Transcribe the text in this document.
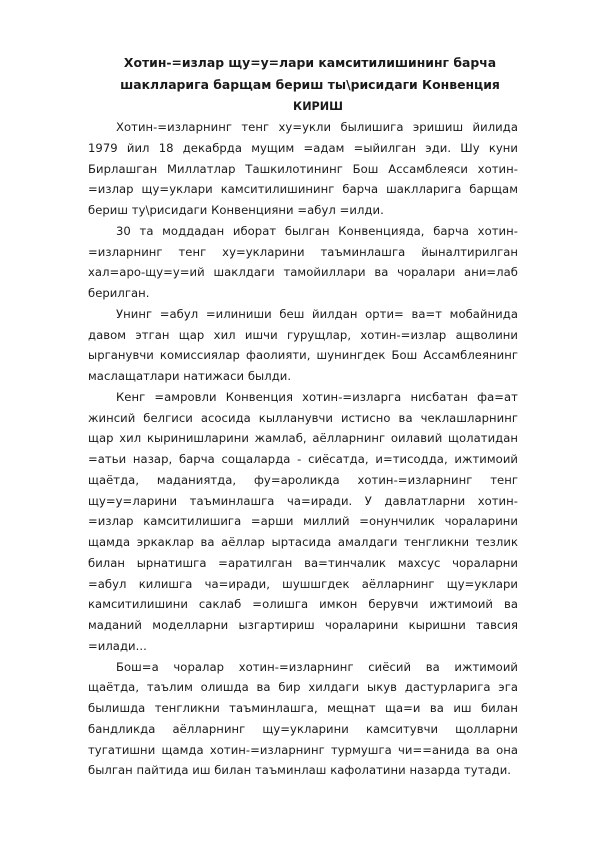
Хотин-=излар щу=у=лари камситилишининг барча

шаклларига барщам бериш ты\рисидаги Конвенция

КИРИШ

Хотин-=изларнинг тенг ху=укли былишига эришиш йилида 1979 йил 18 декабрда мущим =адам =ыйилган эди. Шу куни Бирлашган Миллатлар Ташкилотининг Бош Ассамблеяси хотин-=излар щу=уклари камситилишининг барча шаклларига барщам бериш ту\рисидаги Конвенцияни =абул =илди.

30 та моддадан иборат былган Конвенцияда, барча хотин-=изларнинг тенг ху=укларини таъминлашга йыналтирилган хал=аро-щу=у=ий шаклдаги тамойиллари ва чоралари ани=лаб берилган.

Унинг =абул =илиниши беш йилдан орти= ва=т мобайнида давом этган щар хил ишчи гурущлар, хотин-=излар ащволини ырганувчи комиссиялар фаолияти, шунингдек Бош Ассамблеянинг маслащатлари натижаси былди.

Кенг =амровли Конвенция хотин-=изларга нисбатан фа=ат жинсий белгиси асосида кылланувчи истисно ва чеклашларнинг щар хил кыринишларини жамлаб, аёлларнинг оилавий щолатидан =атьи назар, барча сощаларда - сиёсатда, и=тисодда, ижтимоий щаётда, маданиятда, фу=ароликда хотин-=изларнинг тенг щу=у=ларини таъминлашга ча=иради. У давлатларни хотин-=излар камситилишига =арши миллий =онунчилик чораларини щамда эркаклар ва аёллар ыртасида амалдаги тенгликни тезлик билан ырнатишга =аратилган ва=тинчалик махсус чораларни =абул килишга ча=иради, шушшгдек аёлларнинг щу=уклари камситилишини саклаб =олишга имкон берувчи ижтимоий ва маданий моделларни ызгартириш чораларини кыришни тавсия =илади...

Бош=а чоралар хотин-=изларнинг сиёсий ва ижтимоий щаётда, таълим олишда ва бир хилдаги ыкув дастурларига эга былишда тенгликни таъминлашга, мещнат ща=и ва иш билан бандликда аёлларнинг щу=укларини камситувчи щолларни тугатишни щамда хотин-=изларнинг турмушга чи==анида ва она былган пайтида иш билан таъминлаш кафолатини назарда тутади.
